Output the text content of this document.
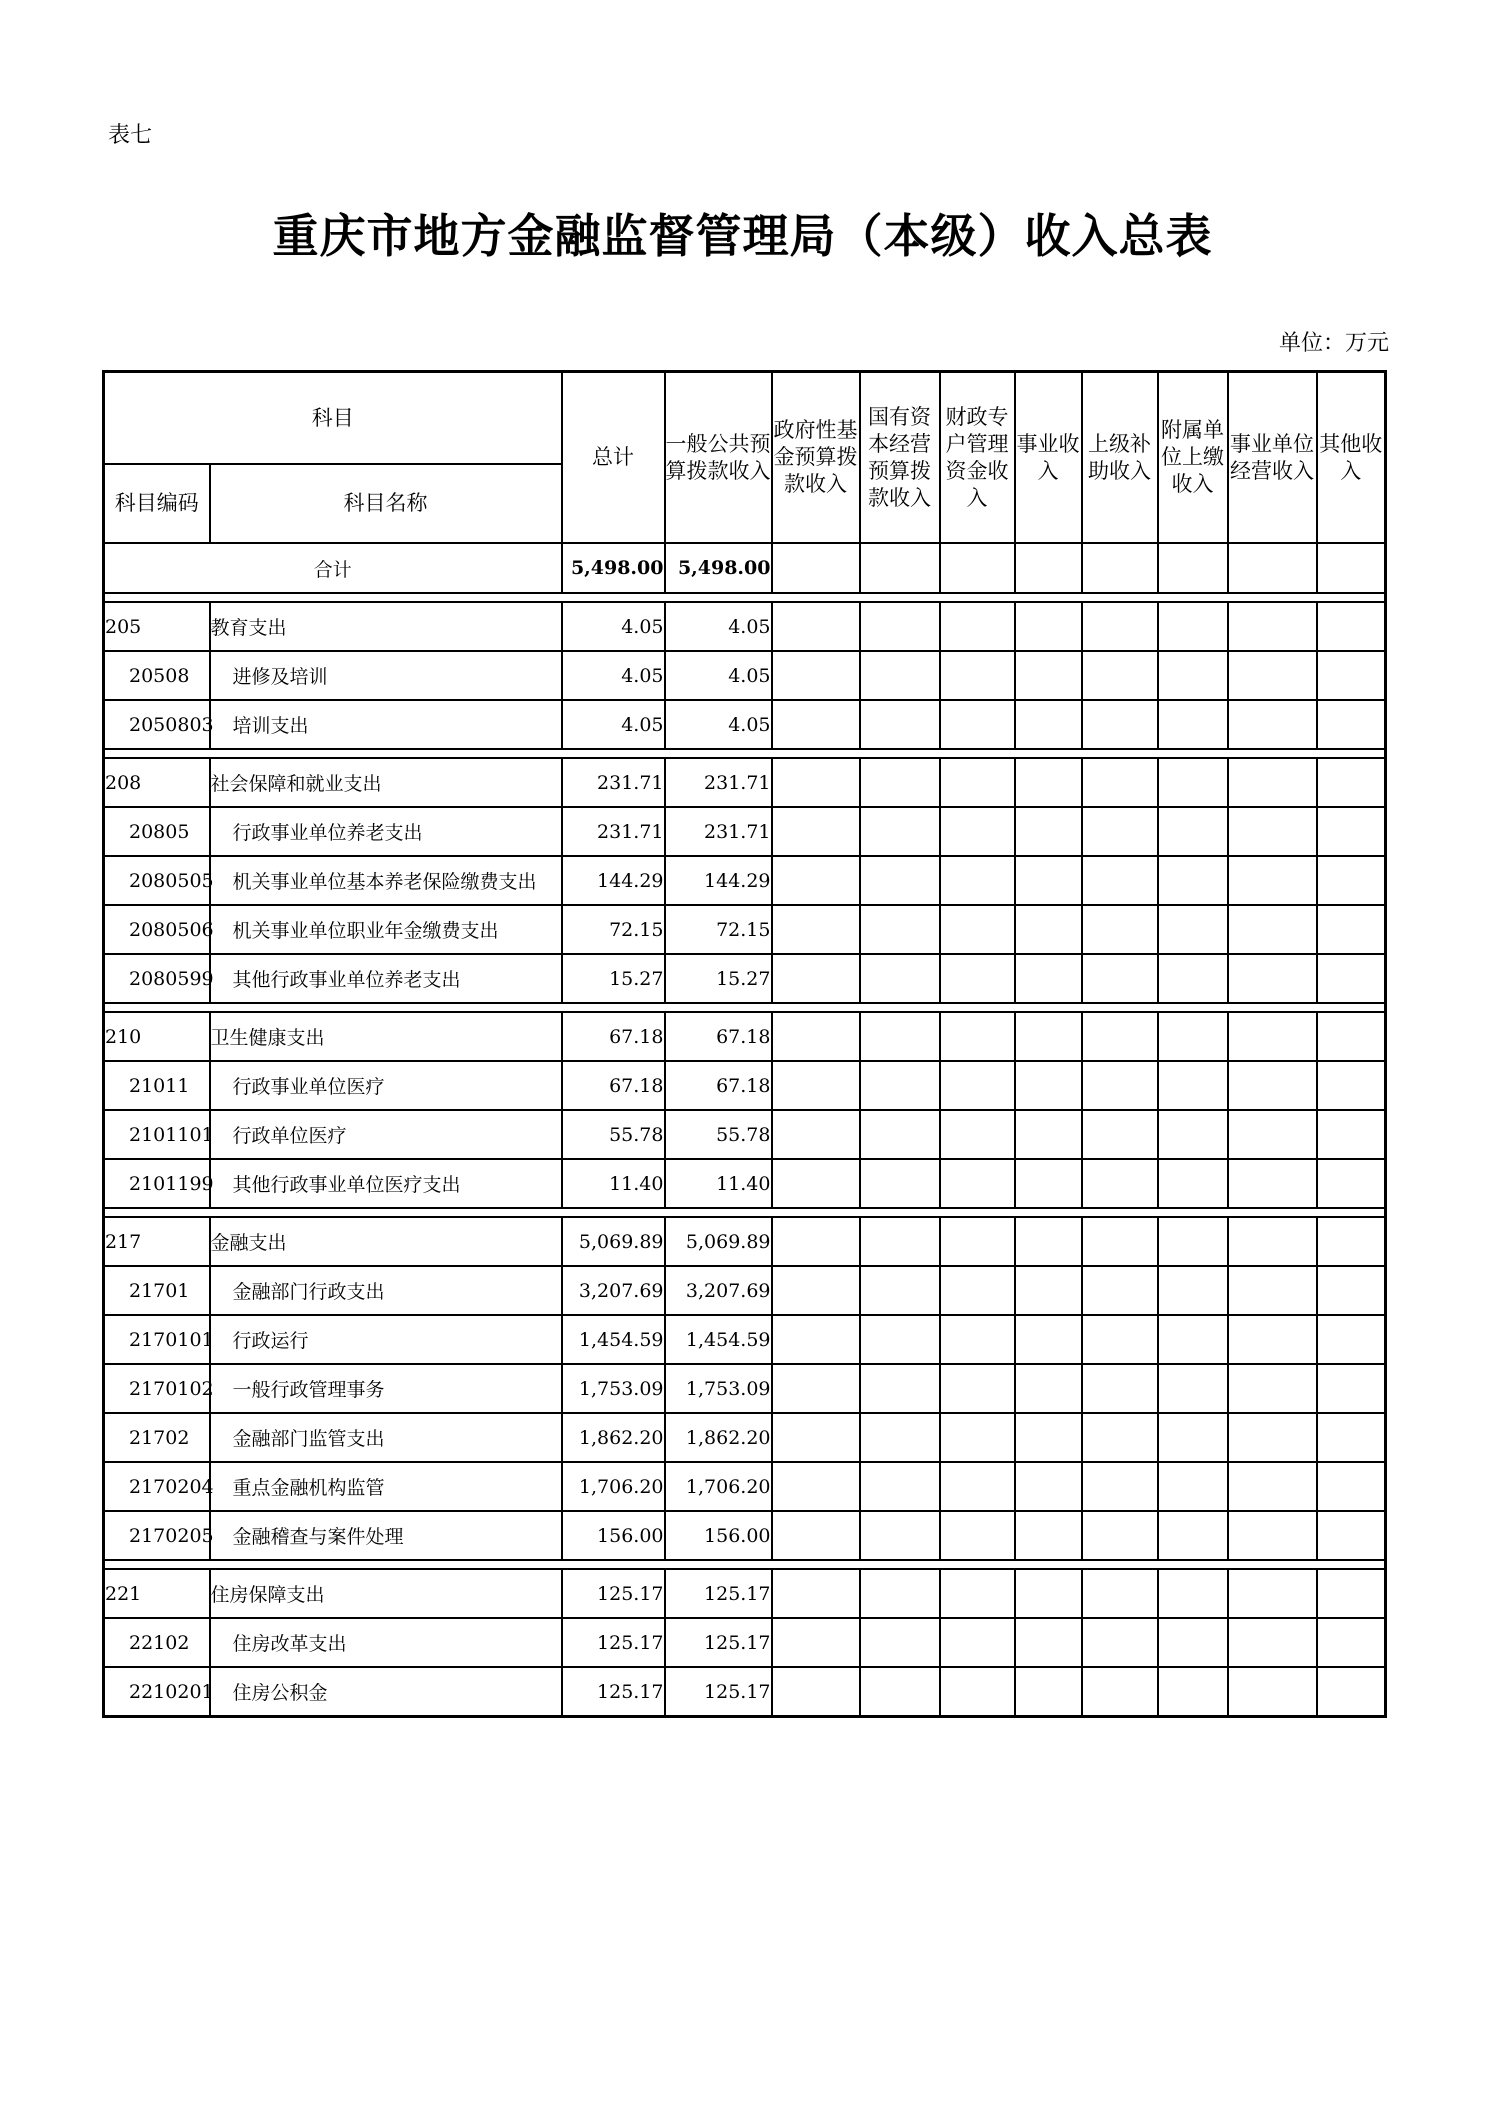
表七
重庆市地方金融监督管理局（本级）收入总表
单位：万元
科目		总计	一般公共预算拨款收入	政府性基金预算拨款收入	国有资本经营预算拨款收入	财政专户管理资金收入	事业收入	上级补助收入	附属单位上缴收入	事业单位经营收入	其他收入
科目编码	科目名称										
合计		5,498.00	5,498.00								

205	教育支出	4.05	4.05								
20508	进修及培训	4.05	4.05								
2050803	培训支出	4.05	4.05								

208	社会保障和就业支出	231.71	231.71								
20805	行政事业单位养老支出	231.71	231.71								
2080505	机关事业单位基本养老保险缴费支出	144.29	144.29								
2080506	机关事业单位职业年金缴费支出	72.15	72.15								
2080599	其他行政事业单位养老支出	15.27	15.27								

210	卫生健康支出	67.18	67.18								
21011	行政事业单位医疗	67.18	67.18								
2101101	行政单位医疗	55.78	55.78								
2101199	其他行政事业单位医疗支出	11.40	11.40								

217	金融支出	5,069.89	5,069.89								
21701	金融部门行政支出	3,207.69	3,207.69								
2170101	行政运行	1,454.59	1,454.59								
2170102	一般行政管理事务	1,753.09	1,753.09								
21702	金融部门监管支出	1,862.20	1,862.20								
2170204	重点金融机构监管	1,706.20	1,706.20								
2170205	金融稽查与案件处理	156.00	156.00								

221	住房保障支出	125.17	125.17								
22102	住房改革支出	125.17	125.17								
2210201	住房公积金	125.17	125.17								
